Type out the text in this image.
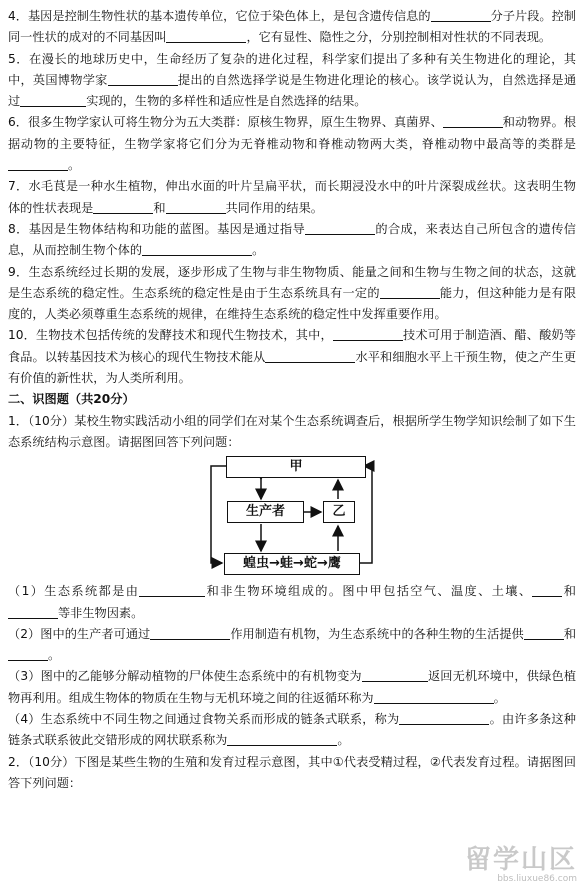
4．基因是控制生物性状的基本遗传单位，它位于染色体上，是包含遗传信息的	分子片段。控制同一性状的成对的不同基因叫	，它有显性、隐性之分，分别控制相对性状的不同表现。

5．在漫长的地球历史中，生命经历了复杂的进化过程，科学家们提出了多种有关生物进化的理论，其中，英国博物学家	提出的自然选择学说是生物进化理论的核心。该学说认为，自然选择是通过	实现的，生物的多样性和适应性是自然选择的结果。

6．很多生物学家认可将生物分为五大类群：原核生物界，原生生物界、真菌界、	和动物界。根据动物的主要特征，生物学家将它们分为无脊椎动物和脊椎动物两大类，脊椎动物中最高等的类群是。

7．水毛茛是一种水生植物，伸出水面的叶片呈扁平状，而长期浸没水中的叶片深裂成丝状。这表明生物体的性状表现是	和	共同作用的结果。

8．基因是生物体结构和功能的蓝图。基因是通过指导	的合成，来表达自己所包含的遗传信息，从而控制生物个体的	。

9．生态系统经过长期的发展，逐步形成了生物与非生物物质、能量之间和生物与生物之间的状态，这就是生态系统的稳定性。生态系统的稳定性是由于生态系统具有一定的	能力，但这种能力是有限度的，人类必须尊重生态系统的规律，在维持生态系统的稳定性中发挥重要作用。

10．生物技术包括传统的发酵技术和现代生物技术，其中，	技术可用于制造酒、醋、酸奶等食品。以转基因技术为核心的现代生物技术能从	水平和细胞水平上干预生物，使之产生更有价值的新性状，为人类所利用。

二、识图题（共20分）

1．（10分）某校生物实践活动小组的同学们在对某个生态系统调查后，根据所学生物学知识绘制了如下生态系统结构示意图。请据图回答下列问题：

甲
生产者	乙
蝗虫→蛙→蛇→鹰

（1）生态系统都是由	和非生物环境组成的。图中甲包括空气、温度、土壤、 和等非生物因素。

（2）图中的生产者可通过	作用制造有机物，为生态系统中的各种生物的生活提供	和。

（3）图中的乙能够分解动植物的尸体使生态系统中的有机物变为	返回无机环境中，供绿色植物再利用。组成生物体的物质在生物与无机环境之间的往返循环称为	。

（4）生态系统中不同生物之间通过食物关系而形成的链条式联系，称为	。由许多条这种链条式联系彼此交错形成的网状联系称为	。

2．（10分）下图是某些生物的生殖和发育过程示意图，其中①代表受精过程，②代表发育过程。请据图回答下列问题：

留学山区
bbs.liuxue86.com
